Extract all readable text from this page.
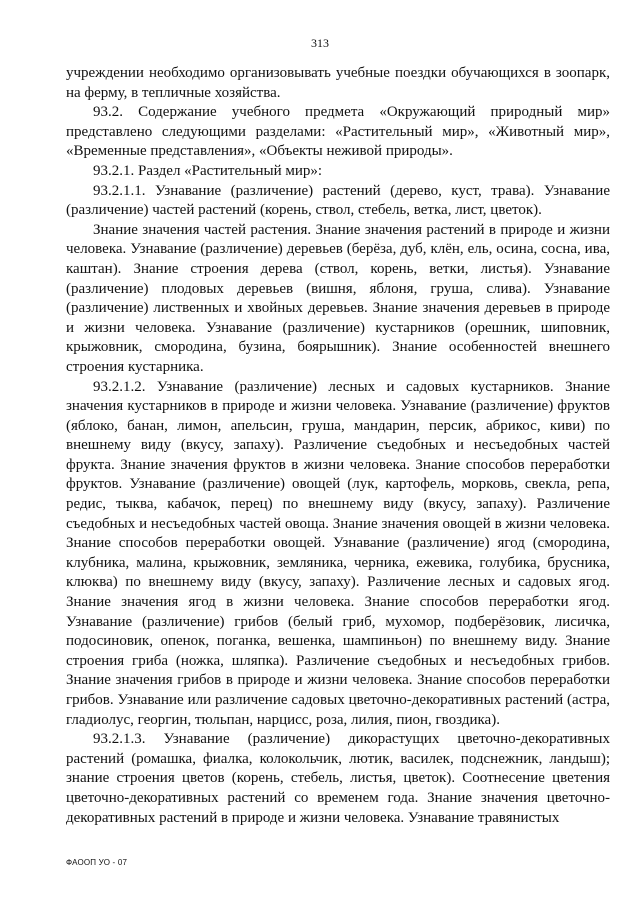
313

учреждении необходимо организовывать учебные поездки обучающихся в зоопарк, на ферму, в тепличные хозяйства.

93.2. Содержание учебного предмета «Окружающий природный мир» представлено следующими разделами: «Растительный мир», «Животный мир», «Временные представления», «Объекты неживой природы».

93.2.1. Раздел «Растительный мир»:

93.2.1.1. Узнавание (различение) растений (дерево, куст, трава). Узнавание (различение) частей растений (корень, ствол, стебель, ветка, лист, цветок).

Знание значения частей растения. Знание значения растений в природе и жизни человека. Узнавание (различение) деревьев (берёза, дуб, клён, ель, осина, сосна, ива, каштан). Знание строения дерева (ствол, корень, ветки, листья). Узнавание (различение) плодовых деревьев (вишня, яблоня, груша, слива). Узнавание (различение) лиственных и хвойных деревьев. Знание значения деревьев в природе и жизни человека. Узнавание (различение) кустарников (орешник, шиповник, крыжовник, смородина, бузина, боярышник). Знание особенностей внешнего строения кустарника.

93.2.1.2. Узнавание (различение) лесных и садовых кустарников. Знание значения кустарников в природе и жизни человека. Узнавание (различение) фруктов (яблоко, банан, лимон, апельсин, груша, мандарин, персик, абрикос, киви) по внешнему виду (вкусу, запаху). Различение съедобных и несъедобных частей фрукта. Знание значения фруктов в жизни человека. Знание способов переработки фруктов. Узнавание (различение) овощей (лук, картофель, морковь, свекла, репа, редис, тыква, кабачок, перец) по внешнему виду (вкусу, запаху). Различение съедобных и несъедобных частей овоща. Знание значения овощей в жизни человека. Знание способов переработки овощей. Узнавание (различение) ягод (смородина, клубника, малина, крыжовник, земляника, черника, ежевика, голубика, брусника, клюква) по внешнему виду (вкусу, запаху). Различение лесных и садовых ягод. Знание значения ягод в жизни человека. Знание способов переработки ягод. Узнавание (различение) грибов (белый гриб, мухомор, подберёзовик, лисичка, подосиновик, опенок, поганка, вешенка, шампиньон) по внешнему виду. Знание строения гриба (ножка, шляпка). Различение съедобных и несъедобных грибов. Знание значения грибов в природе и жизни человека. Знание способов переработки грибов. Узнавание или различение садовых цветочно-декоративных растений (астра, гладиолус, георгин, тюльпан, нарцисс, роза, лилия, пион, гвоздика).

93.2.1.3. Узнавание (различение) дикорастущих цветочно-декоративных растений (ромашка, фиалка, колокольчик, лютик, василек, подснежник, ландыш); знание строения цветов (корень, стебель, листья, цветок). Соотнесение цветения цветочно-декоративных растений со временем года. Знание значения цветочно-декоративных растений в природе и жизни человека. Узнавание травянистых

ФАООП УО - 07
